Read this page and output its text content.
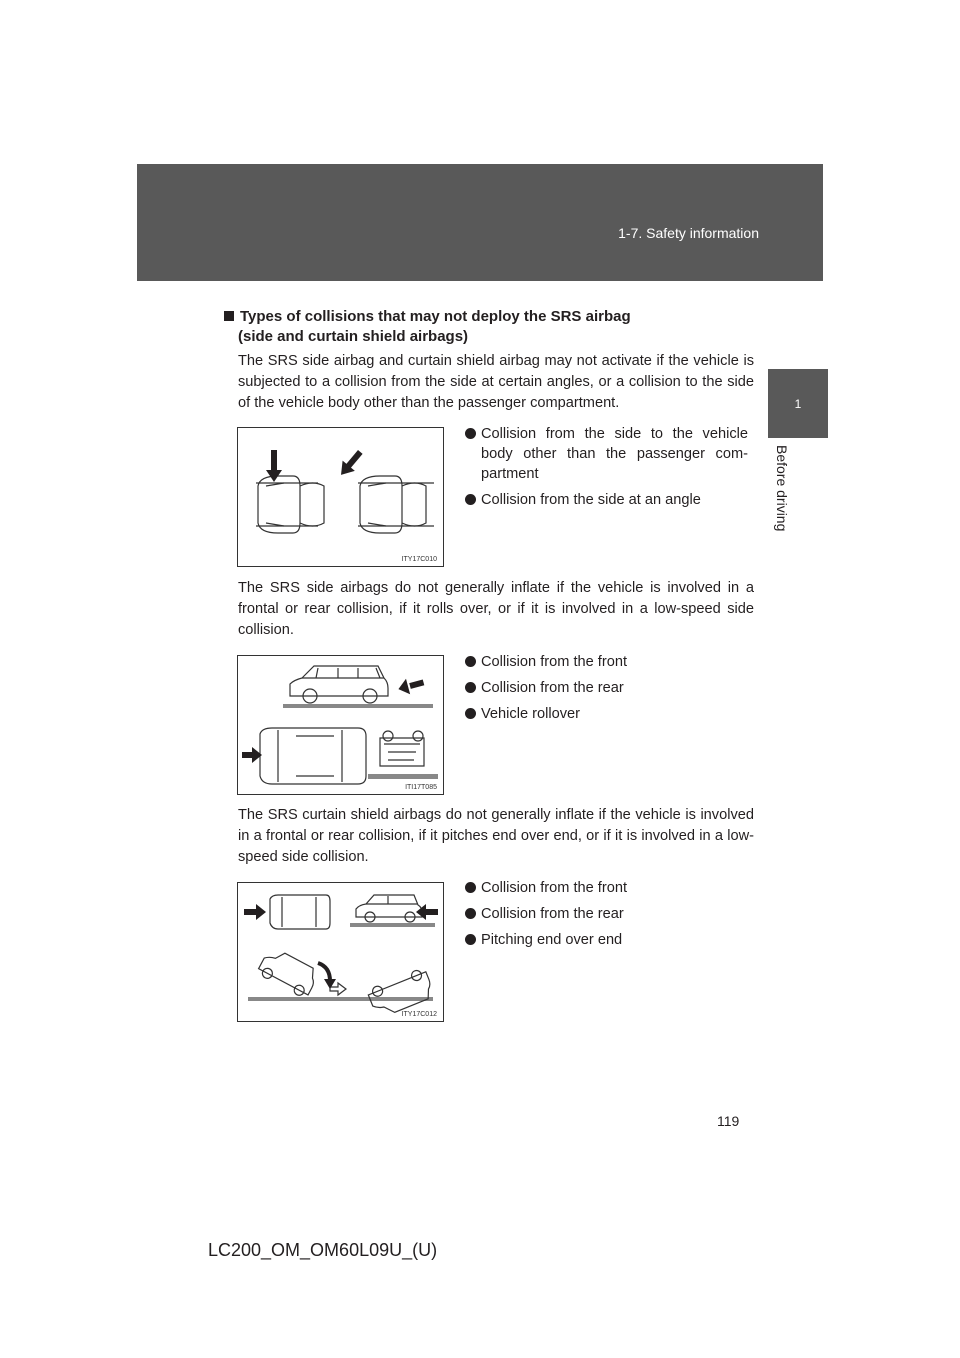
1-7. Safety information
1
Before driving
Types of collisions that may not deploy the SRS airbag
(side and curtain shield airbags)
The SRS side airbag and curtain shield airbag may not activate if the vehicle is subjected to a collision from the side at certain angles, or a collision to the side of the vehicle body other than the passenger compartment.
ITY17C010
Collision from the side to the vehicle body other than the passenger com-partment
Collision from the side at an angle
The SRS side airbags do not generally inflate if the vehicle is involved in a frontal or rear collision, if it rolls over, or if it is involved in a low-speed side collision.
ITI17T085
Collision from the front
Collision from the rear
Vehicle rollover
The SRS curtain shield airbags do not generally inflate if the vehicle is involved in a frontal or rear collision, if it pitches end over end, or if it is involved in a low-speed side collision.
ITY17C012
Collision from the front
Collision from the rear
Pitching end over end
119
LC200_OM_OM60L09U_(U)
